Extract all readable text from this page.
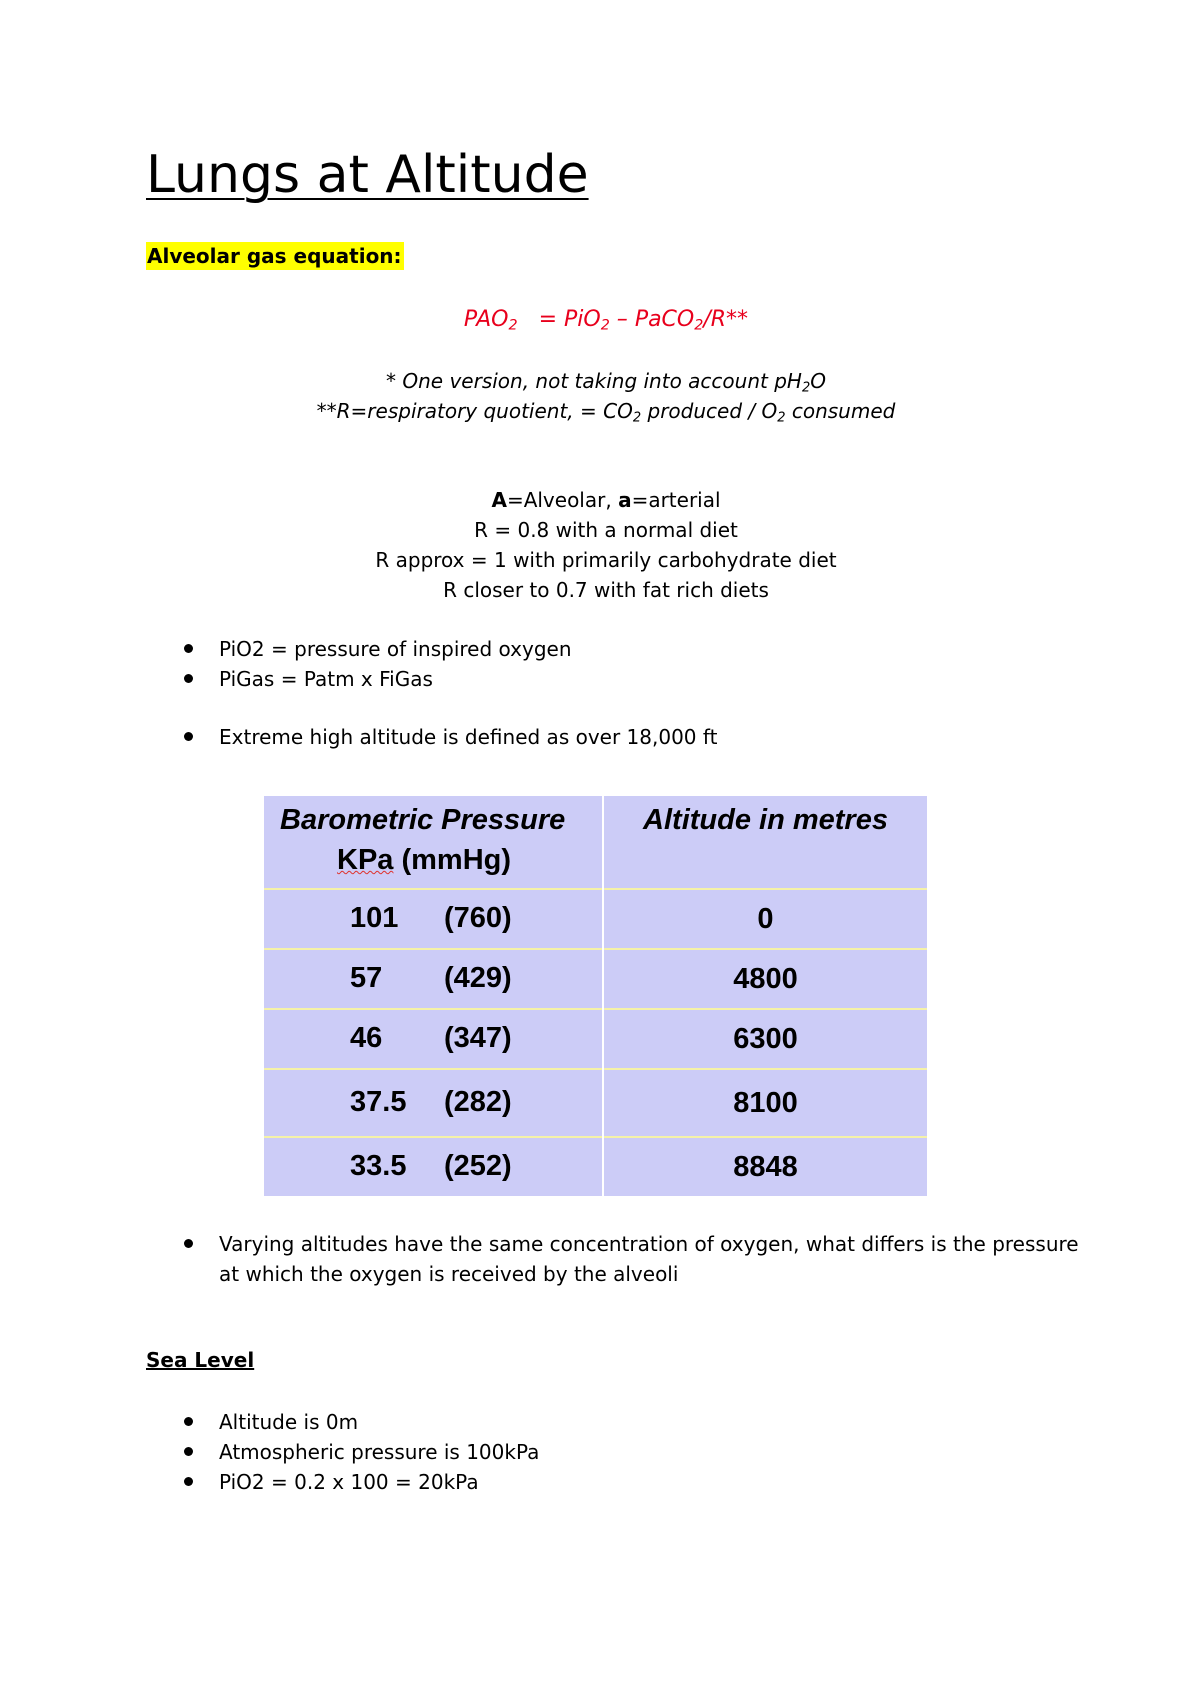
Lungs at Altitude
Alveolar gas equation:
$PAO_2 = PiO_2$ – PaCO$_2$/R**
* One version, not taking into account $pH_2O$
**R=respiratory quotient, = $CO_2$ produced / $O_2$ consumed
A=Alveolar, a=arterial
R = 0.8 with a normal diet
R approx = 1 with primarily carbohydrate diet
R closer to 0.7 with fat rich diets
PiO2 = pressure of inspired oxygen
PiGas = Patm x FiGas
Extreme high altitude is defined as over 18,000 ft
Barometric Pressure
KPa (mmHg)	Altitude in metres

101 (760)	0

57 (429)	4800

46 (347)	6300

37.5 (282)	8100

33.5 (252)	8848
Varying altitudes have the same concentration of oxygen, what differs is the pressure at which the oxygen is received by the alveoli
Sea Level
Altitude is 0m
Atmospheric pressure is 100kPa
PiO2 = 0.2 x 100 = 20kPa
